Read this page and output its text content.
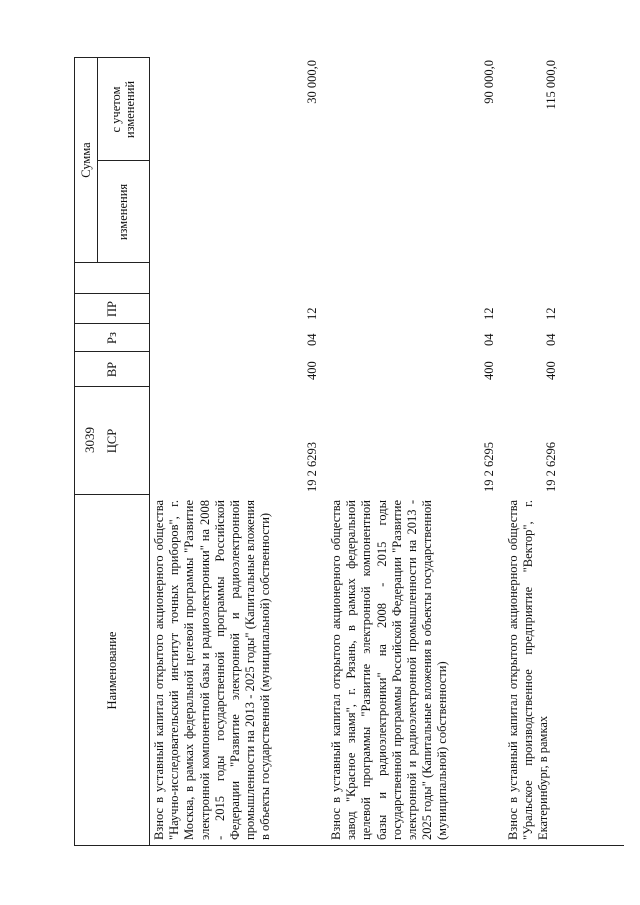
3039
Наименование
ЦСР
ВР
Рз
ПР
Сумма
изменения
с учетом изменений
Взнос в уставный капитал открытого акционерного общества "Научно-исследовательский институт точных приборов", г. Москва, в рамках федеральной целевой программы "Развитие электронной компонентной базы и радиоэлектроники" на 2008 - 2015 годы государственной программы Российской Федерации "Развитие электронной и радиоэлектронной промышленности на 2013 - 2025 годы" (Капитальные вложения в объекты государственной (муниципальной) собственности)
19 2 6293
400
04
12
30 000,0
Взнос в уставный капитал открытого акционерного общества завод "Красное знамя", г. Рязань, в рамках федеральной целевой программы "Развитие электронной компонентной базы и радиоэлектроники" на 2008 - 2015 годы государственной программы Российской Федерации "Развитие электронной и радиоэлектронной промышленности на 2013 - 2025 годы" (Капитальные вложения в объекты государственной (муниципальной) собственности)
19 2 6295
400
04
12
90 000,0
Взнос в уставный капитал открытого акционерного общества "Уральское производственное предприятие "Вектор", г. Екатеринбург, в рамках
19 2 6296
400
04
12
115 000,0
